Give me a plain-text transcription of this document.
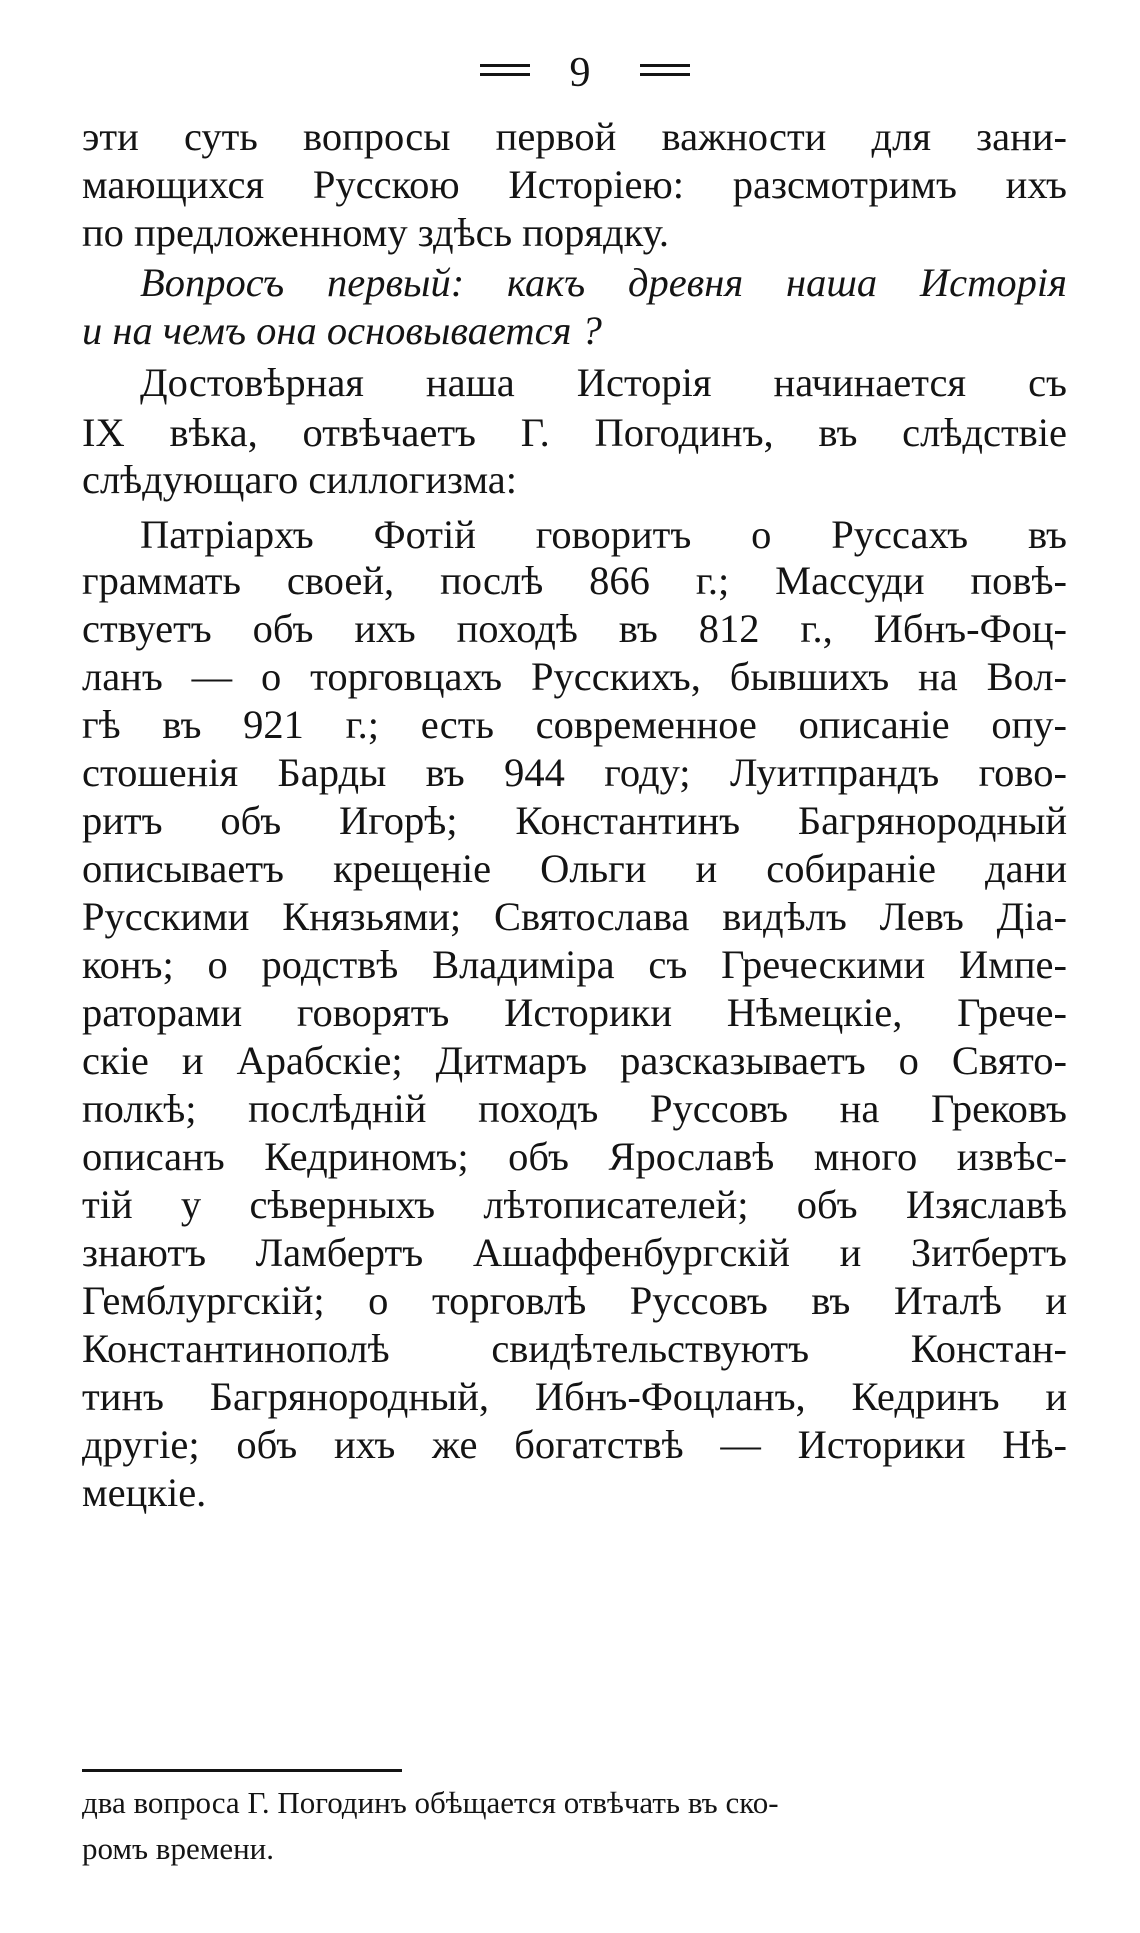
9
эти суть вопросы первой важности для зани-
мающихся Русскою Исторіею: разсмотримъ ихъ
по предложенному здѣсь порядку.
Вопросъ первый: какъ древня наша Исторія
и на чемъ она основывается ?
Достовѣрная наша Исторія начинается съ
IX вѣка, отвѣчаетъ Г. Погодинъ, въ слѣдствіе
слѣдующаго силлогизма:
Патріархъ Фотій говоритъ о Руссахъ въ
граммать своей, послѣ 866 г.; Массуди повѣ-
ствуетъ объ ихъ походѣ въ 812 г., Ибнъ-Фоц-
ланъ — о торговцахъ Русскихъ, бывшихъ на Вол-
гѣ въ 921 г.; есть современное описаніе опу-
стошенія Барды въ 944 году; Луитпрандъ гово-
ритъ объ Игорѣ; Константинъ Багрянородный
описываетъ крещеніе Ольги и собираніе дани
Русскими Князьями; Святослава видѣлъ Левъ Діа-
конъ; о родствѣ Владиміра съ Греческими Импе-
раторами говорятъ Историки Нѣмецкіе, Грече-
скіе и Арабскіе; Дитмаръ разсказываетъ о Свято-
полкѣ; послѣдній походъ Руссовъ на Грековъ
описанъ Кедриномъ; объ Ярославѣ много извѣс-
тій у сѣверныхъ лѣтописателей; объ Изяславѣ
знаютъ Ламбертъ Ашаффенбургскій и Зитбертъ
Гемблургскій; о торговлѣ Руссовъ въ Италѣ и
Константинополѣ свидѣтельствуютъ Констан-
тинъ Багрянородный, Ибнъ-Фоцланъ, Кедринъ и
другіе; объ ихъ же богатствѣ — Историки Нѣ-
мецкіе.
два вопроса Г. Погодинъ обѣщается отвѣчать въ ско-
ромъ времени.
